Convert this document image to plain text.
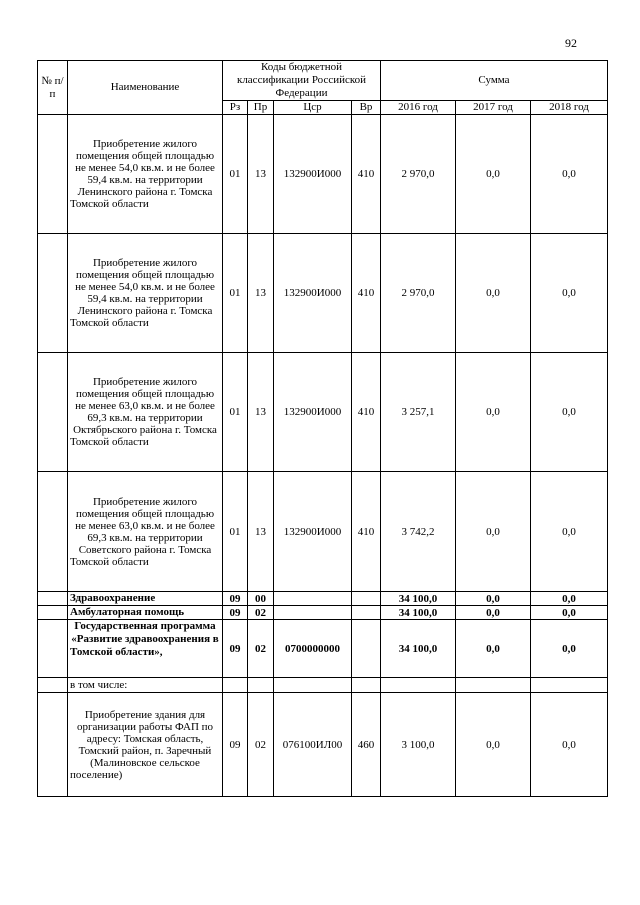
92
№ п/п	Наименование	Коды бюджетной классификации Российской Федерации				Сумма		
		Рз	Пр	Цср	Вр	2016 год	2017 год	2018 год
	Приобретение жилого помещения общей площадью не менее 54,0 кв.м. и не более 59,4 кв.м. на территории Ленинского района г. Томска Томской области	01	13	132900И000	410	2 970,0	0,0	0,0
	Приобретение жилого помещения общей площадью не менее 54,0 кв.м. и не более 59,4 кв.м. на территории Ленинского района г. Томска Томской области	01	13	132900И000	410	2 970,0	0,0	0,0
	Приобретение жилого помещения общей площадью не менее 63,0 кв.м. и не более 69,3 кв.м. на территории Октябрьского района г. Томска Томской области	01	13	132900И000	410	3 257,1	0,0	0,0
	Приобретение жилого помещения общей площадью не менее 63,0 кв.м. и не более 69,3 кв.м. на территории Советского района г. Томска Томской области	01	13	132900И000	410	3 742,2	0,0	0,0
	Здравоохранение	09	00			34 100,0	0,0	0,0
	Амбулаторная помощь	09	02			34 100,0	0,0	0,0
	Государственная программа «Развитие здравоохранения в Томской области»,	09	02	0700000000		34 100,0	0,0	0,0
	в том числе:							
	Приобретение здания для организации работы ФАП по адресу: Томская область, Томский район, п. Заречный (Малиновское сельское поселение)	09	02	076100ИЛ00	460	3 100,0	0,0	0,0
